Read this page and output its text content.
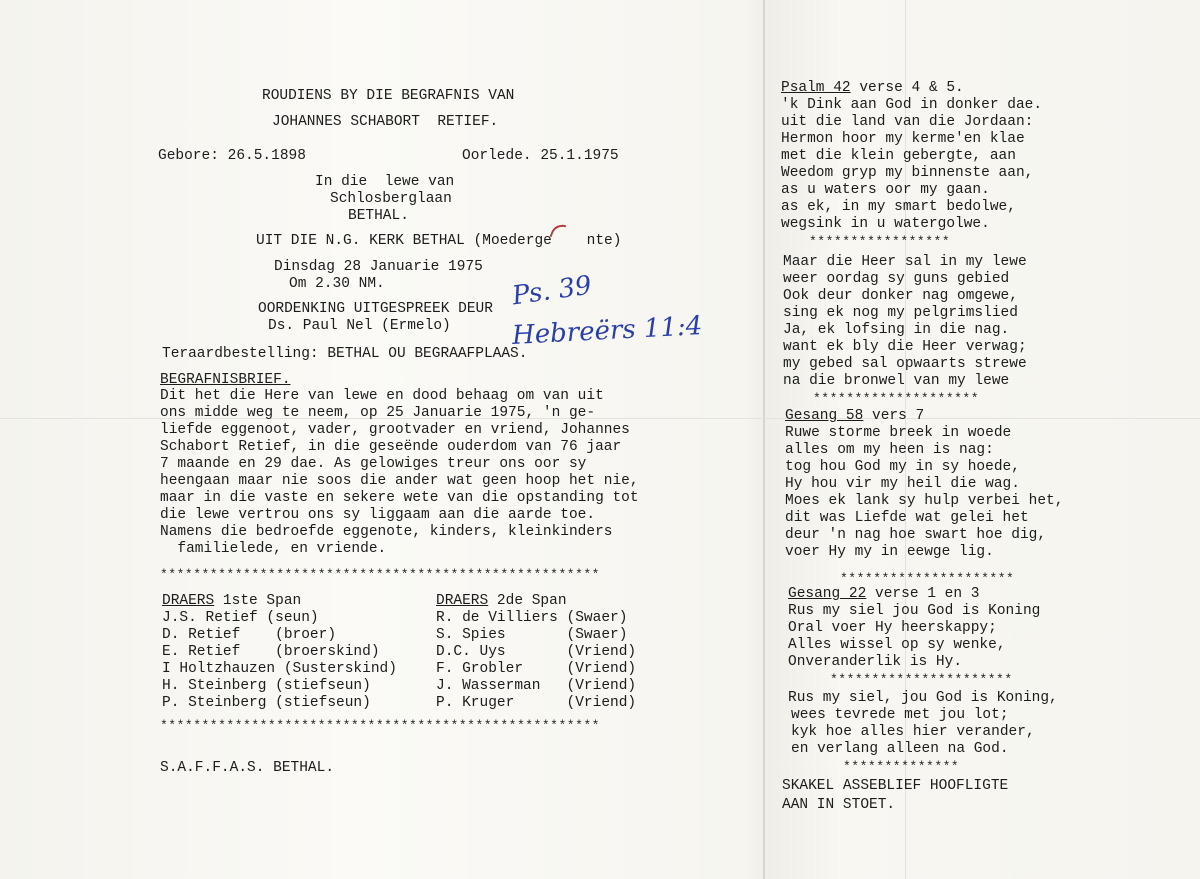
ROUDIENS BY DIE BEGRAFNIS VAN
JOHANNES SCHABORT  RETIEF.
Gebore: 26.5.1898	Oorlede. 25.1.1975
In die  lewe van
Schlosberglaan
BETHAL.
UIT DIE N.G. KERK BETHAL (Moederge    nte)
Dinsdag 28 Januarie 1975
Om 2.30 NM.
OORDENKING UITGESPREEK DEUR
Ds. Paul Nel (Ermelo)
Ps. 39
Hebreërs 11:4
Teraardbestelling: BETHAL OU BEGRAAFPLAAS.
BEGRAFNISBRIEF.
Dit het die Here van lewe en dood behaag om van uit
ons midde weg te neem, op 25 Januarie 1975, 'n ge-
liefde eggenoot, vader, grootvader en vriend, Johannes
Schabort Retief, in die geseënde ouderdom van 76 jaar
7 maande en 29 dae. As gelowiges treur ons oor sy
heengaan maar nie soos die ander wat geen hoop het nie,
maar in die vaste en sekere wete van die opstanding tot
die lewe vertrou ons sy liggaam aan die aarde toe.
Namens die bedroefde eggenote, kinders, kleinkinders
familielede, en vriende.
*****************************************************
DRAERS 1ste Span
J.S. Retief (seun)
D. Retief    (broer)
E. Retief    (broerskind)
I Holtzhauzen (Susterskind)
H. Steinberg (stiefseun)
P. Steinberg (stiefseun)
DRAERS 2de Span
R. de Villiers (Swaer)
S. Spies       (Swaer)
D.C. Uys       (Vriend)
F. Grobler     (Vriend)
J. Wasserman   (Vriend)
P. Kruger      (Vriend)
*****************************************************
S.A.F.F.A.S. BETHAL.
Psalm 42 verse 4 & 5.
'k Dink aan God in donker dae.
uit die land van die Jordaan:
Hermon hoor my kerme'en klae
met die klein gebergte, aan
Weedom gryp my binnenste aan,
as u waters oor my gaan.
as ek, in my smart bedolwe,
wegsink in u watergolwe.
*****************
Maar die Heer sal in my lewe
weer oordag sy guns gebied
Ook deur donker nag omgewe,
sing ek nog my pelgrimslied
Ja, ek lofsing in die nag.
want ek bly die Heer verwag;
my gebed sal opwaarts strewe
na die bronwel van my lewe
********************
Gesang 58 vers 7
Ruwe storme breek in woede
alles om my heen is nag:
tog hou God my in sy hoede,
Hy hou vir my heil die wag.
Moes ek lank sy hulp verbei het,
dit was Liefde wat gelei het
deur 'n nag hoe swart hoe dig,
voer Hy my in eewge lig.
*********************
Gesang 22 verse 1 en 3
Rus my siel jou God is Koning
Oral voer Hy heerskappy;
Alles wissel op sy wenke,
Onveranderlik is Hy.
**********************
Rus my siel, jou God is Koning,
wees tevrede met jou lot;
kyk hoe alles hier verander,
en verlang alleen na God.
**************
SKAKEL ASSEBLIEF HOOFLIGTE
AAN IN STOET.
